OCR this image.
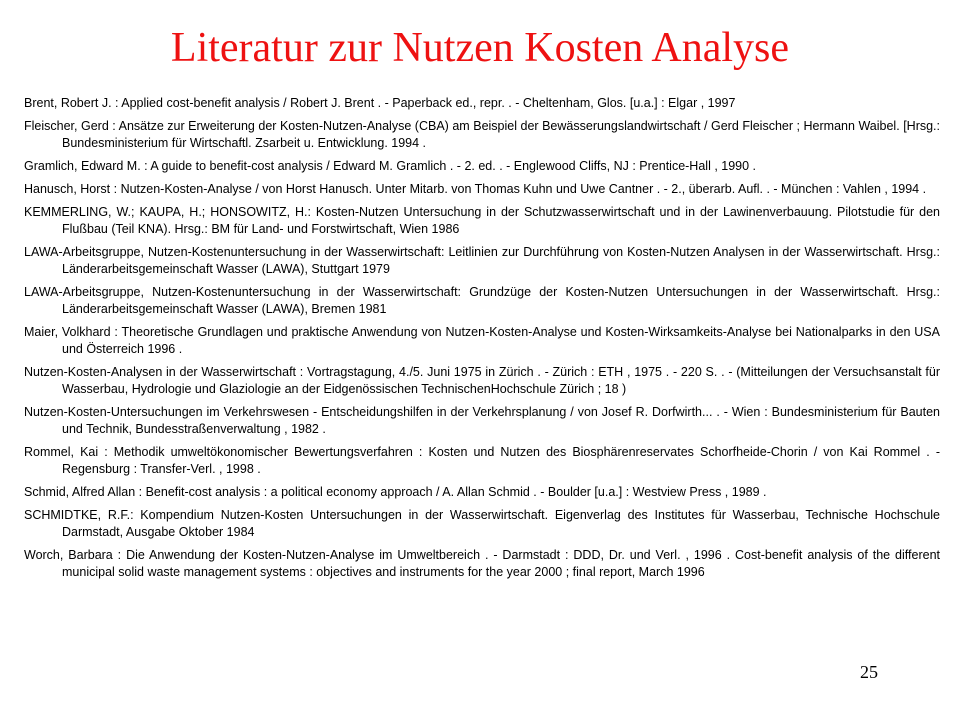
Literatur zur Nutzen Kosten Analyse
Brent, Robert J. : Applied cost-benefit analysis / Robert J. Brent . - Paperback ed., repr. . - Cheltenham, Glos. [u.a.] : Elgar , 1997
Fleischer, Gerd : Ansätze zur Erweiterung der Kosten-Nutzen-Analyse (CBA) am Beispiel der Bewässerungslandwirtschaft / Gerd Fleischer ; Hermann Waibel. [Hrsg.: Bundesministerium für Wirtschaftl. Zsarbeit u. Entwicklung. 1994 .
Gramlich, Edward M. : A guide to benefit-cost analysis / Edward M. Gramlich . - 2. ed. . - Englewood Cliffs, NJ : Prentice-Hall , 1990 .
Hanusch, Horst : Nutzen-Kosten-Analyse / von Horst Hanusch. Unter Mitarb. von Thomas Kuhn und Uwe Cantner . - 2., überarb. Aufl. . - München : Vahlen , 1994 .
KEMMERLING, W.; KAUPA, H.; HONSOWITZ, H.: Kosten-Nutzen Untersuchung in der Schutzwasserwirtschaft und in der Lawinenverbauung. Pilotstudie für den Flußbau (Teil KNA). Hrsg.: BM für Land- und Forstwirtschaft, Wien 1986
LAWA-Arbeitsgruppe, Nutzen-Kostenuntersuchung in der Wasserwirtschaft: Leitlinien zur Durchführung von Kosten-Nutzen Analysen in der Wasserwirtschaft. Hrsg.: Länderarbeitsgemeinschaft Wasser (LAWA), Stuttgart 1979
LAWA-Arbeitsgruppe, Nutzen-Kostenuntersuchung in der Wasserwirtschaft: Grundzüge der Kosten-Nutzen Untersuchungen in der Wasserwirtschaft. Hrsg.: Länderarbeitsgemeinschaft Wasser (LAWA), Bremen 1981
Maier, Volkhard : Theoretische Grundlagen und praktische Anwendung von Nutzen-Kosten-Analyse und Kosten-Wirksamkeits-Analyse bei Nationalparks in den USA und Österreich 1996 .
Nutzen-Kosten-Analysen in der Wasserwirtschaft : Vortragstagung, 4./5. Juni 1975 in Zürich . - Zürich : ETH , 1975 . - 220 S. . - (Mitteilungen der Versuchsanstalt für Wasserbau, Hydrologie und Glaziologie an der Eidgenössischen TechnischenHochschule Zürich ; 18 )
Nutzen-Kosten-Untersuchungen im Verkehrswesen - Entscheidungshilfen in der Verkehrsplanung / von Josef R. Dorfwirth... . - Wien : Bundesministerium für Bauten und Technik, Bundesstraßenverwaltung , 1982 .
Rommel, Kai : Methodik umweltökonomischer Bewertungsverfahren : Kosten und Nutzen des Biosphärenreservates Schorfheide-Chorin / von Kai Rommel . - Regensburg : Transfer-Verl. , 1998 .
Schmid, Alfred Allan : Benefit-cost analysis : a political economy approach / A. Allan Schmid . - Boulder [u.a.] : Westview Press , 1989 .
SCHMIDTKE, R.F.: Kompendium Nutzen-Kosten Untersuchungen in der Wasserwirtschaft. Eigenverlag des Institutes für Wasserbau, Technische Hochschule Darmstadt, Ausgabe Oktober 1984
Worch, Barbara : Die Anwendung der Kosten-Nutzen-Analyse im Umweltbereich . - Darmstadt : DDD, Dr. und Verl. , 1996 . Cost-benefit analysis of the different municipal solid waste management systems : objectives and instruments for the year 2000 ; final report, March 1996
25
